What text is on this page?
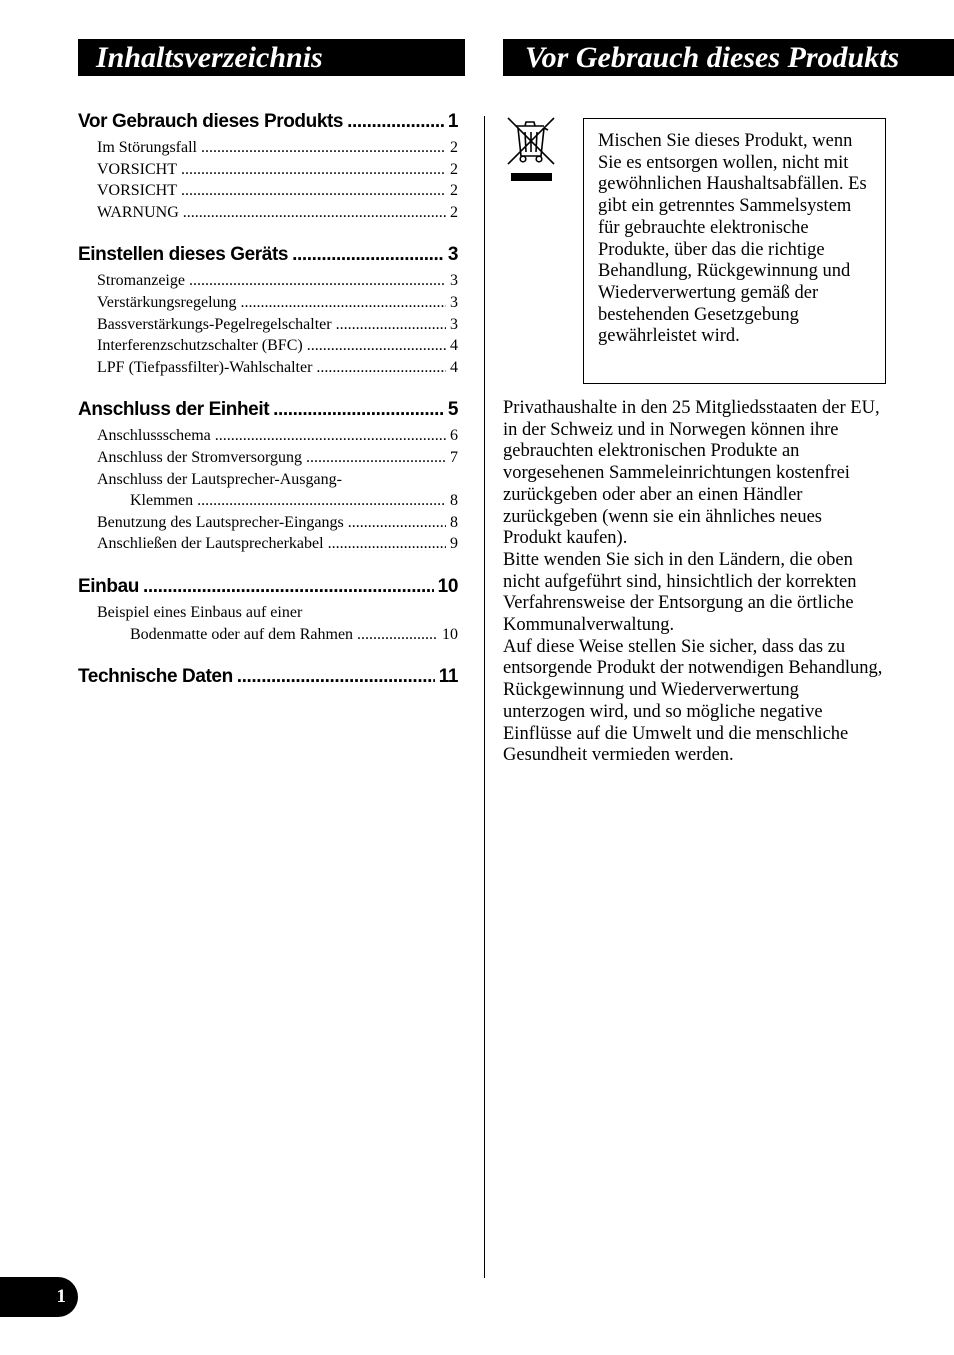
Inhaltsverzeichnis	Vor Gebrauch dieses Produkts
Vor Gebrauch dieses Produkts .....	1
Im Störungsfall .....	2
VORSICHT .....	2
VORSICHT .....	2
WARNUNG .....	2
Einstellen dieses Geräts .....	3
Stromanzeige .....	3
Verstärkungsregelung .....	3
Bassverstärkungs-Pegelregelschalter .....	3
Interferenzschutzschalter (BFC) .....	4
LPF (Tiefpassfilter)-Wahlschalter .....	4
Anschluss der Einheit .....	5
Anschlussschema .....	6
Anschluss der Stromversorgung .....	7
Anschluss der Lautsprecher-Ausgang-
Klemmen .....	8
Benutzung des Lautsprecher-Eingangs .....	8
Anschließen der Lautsprecherkabel .....	9
Einbau .....	10
Beispiel eines Einbaus auf einer
Bodenmatte oder auf dem Rahmen .....	10
Technische Daten .....	11
Mischen Sie dieses Produkt, wenn Sie es entsorgen wollen, nicht mit gewöhnlichen Haushaltsabfällen. Es gibt ein getrenntes Sammelsystem für gebrauchte elektronische Produkte, über das die richtige Behandlung, Rückgewinnung und Wiederverwertung gemäß der bestehenden Gesetzgebung gewährleistet wird.

Privathaushalte in den 25 Mitgliedsstaaten der EU, in der Schweiz und in Norwegen können ihre gebrauchten elektronischen Produkte an vorgesehenen Sammeleinrichtungen kostenfrei zurückgeben oder aber an einen Händler zurückgeben (wenn sie ein ähnliches neues Produkt kaufen).

Bitte wenden Sie sich in den Ländern, die oben nicht aufgeführt sind, hinsichtlich der korrekten Verfahrensweise der Entsorgung an die örtliche Kommunalverwaltung.

Auf diese Weise stellen Sie sicher, dass das zu entsorgende Produkt der notwendigen Behandlung, Rückgewinnung und Wiederverwertung unterzogen wird, und so mögliche negative Einflüsse auf die Umwelt und die menschliche Gesundheit vermieden werden.

1
